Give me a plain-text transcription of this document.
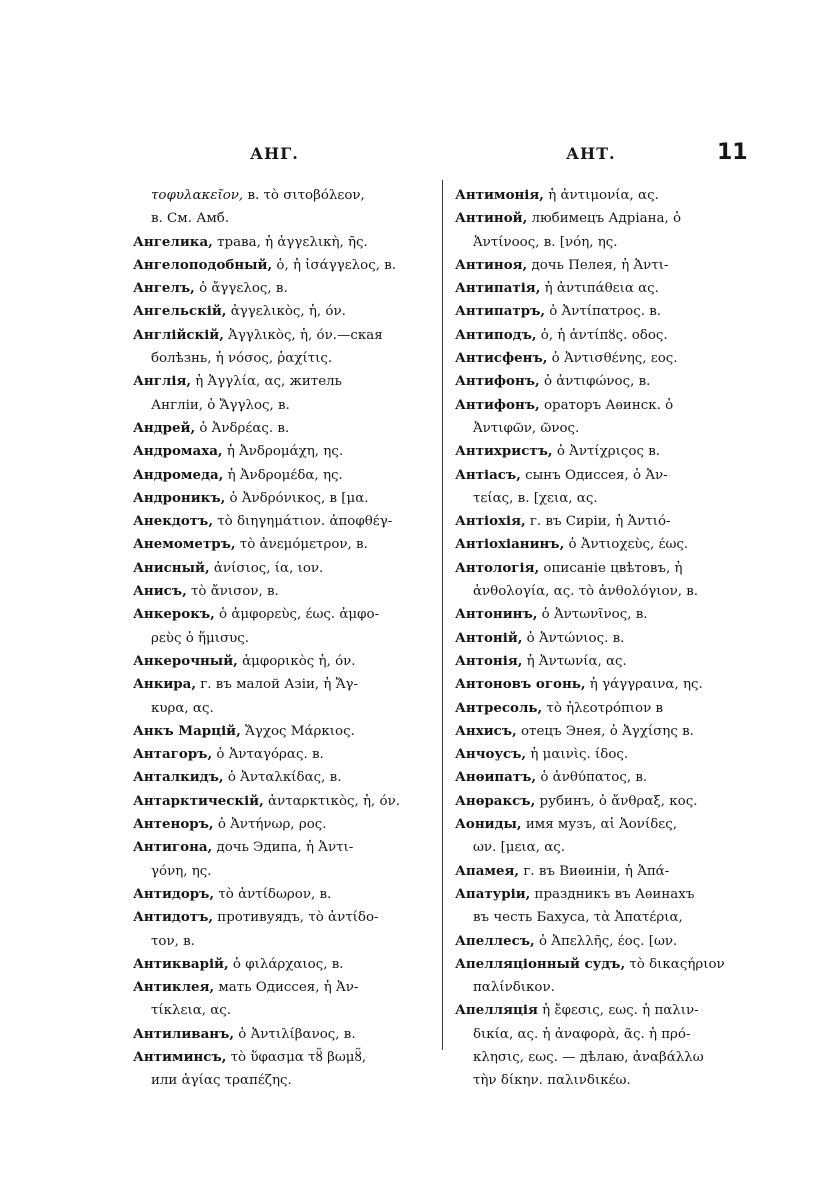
АНГ.	АНТ.	11
τοφυλακεῖον, в. τὸ σιτοβόλεον,
в. См. Амб.
Ангелика, трава, ἡ ἀγγελικὴ, ῆς.
Ангелоподобный, ὁ, ἡ ἰσάγγελος, в.
Ангелъ, ὁ ἄγγελος, в.
Ангельскій, ἀγγελικὸς, ἡ, όν.
Англійскій, Ἀγγλικὸς, ἡ, όν.—ская
болѣзнь, ἡ νόσος, ῥαχίτις.
Англія, ἡ Ἀγγλία, ας, житель
Англіи, ὁ Ἄγγλος, в.
Андрей, ὁ Ἀνδρέας. в.
Андромаха, ἡ Ἀνδρομάχη, ης.
Андромеда, ἡ Ἀνδρομέδα, ης.
Андроникъ, ὁ Ἀνδρόνικος, в [μα.
Анекдотъ, τὸ διηγημάτιον. ἀποφθέγ-
Анемометръ, τὸ ἀνεμόμετρον, в.
Анисный, ἀνίσιος, ία, ιον.
Анисъ, τὸ ἄνισον, в.
Анкерокъ, ὁ ἀμφορεὺς, έως. ἀμφο-
ρεὺς ὁ ἥμισυς.
Анкерочный, ἀμφορικὸς ἡ, όν.
Анкира, г. въ малой Азіи, ἡ Ἄγ-
κυρα, ας.
Анкъ Марцій, Ἄγχος Μάρκιος.
Антагоръ, ὁ Ἀνταγόρας. в.
Анталкидъ, ὁ Ἀνταλκίδας, в.
Антарктическій, ἀνταρκτικὸς, ἡ, όν.
Антеноръ, ὁ Ἀντήνωρ, ρος.
Антигона, дочь Эдипа, ἡ Ἀντι-
γόνη, ης.
Антидоръ, τὸ ἀντίδωρον, в.
Антидотъ, противуядъ, τὸ ἀντίδο-
τον, в.
Антикварій, ὁ φιλάρχαιος, в.
Антиклея, мать Одиссея, ἡ Ἀν-
τίκλεια, ας.
Антиливанъ, ὁ Ἀντιλίβανος, в.
Антиминсъ, τὸ ὕφασμα τȣ̃ βωμȣ̃,
или ἁγίας τραπέζης.
Антимонія, ἡ ἀντιμονία, ας.
Антиной, любимецъ Адріана, ὁ
Ἀντίνοος, в. [νόη, ης.
Антиноя, дочь Пелея, ἡ Ἀντι-
Антипатія, ἡ ἀντιπάθεια ας.
Антипатръ, ὁ Ἀντίπατρος. в.
Антиподъ, ὁ, ἡ ἀντίπȣς. οδος.
Антисфенъ, ὁ Ἀντισθένης, εος.
Антифонъ, ὁ ἀντιφώνος, в.
Антифонъ, ораторъ Аѳинск. ὁ
Ἀντιφῶν, ῶνος.
Антихристъ, ὁ Ἀντίχριςος в.
Антіасъ, сынъ Одиссея, ὁ Ἀν-
τείας, в. [χεια, ας.
Антіохія, г. въ Сиріи, ἡ Ἀντιό-
Антіохіанинъ, ὁ Ἀντιοχεὺς, έως.
Антологія, описаніе цвѣтовъ, ἡ
ἀνθολογία, ας. τὸ ἀνθολόγιον, в.
Антонинъ, ὁ Ἀντωνῖνος, в.
Антоній, ὁ Ἀντώνιος. в.
Антонія, ἡ Ἀντωνία, ας.
Антоновъ огонь, ἡ γάγγραινα, ης.
Антресоль, τὸ ἡλεοτρόπιον в
Анхисъ, отецъ Энея, ὁ Ἀγχίσης в.
Анчоусъ, ἡ μαινὶς. ίδος.
Анѳипатъ, ὁ ἀνθύπατος, в.
Анѳраксъ, рубинъ, ὁ ἄνθραξ, κος.
Аониды, имя музъ, αἱ Ἀονίδες,
ων. [μεια, ας.
Апамея, г. въ Виѳиніи, ἡ Ἀπά-
Апатуріи, праздникъ въ Аѳинахъ
въ честь Бахуса, τὰ Ἀπατέρια,
Апеллесъ, ὁ Ἀπελλῆς, έος. [ων.
Апелляціонный судъ, τὸ δικαςήριον
παλίνδικον.
Апелляція ἡ ἔφεσις, εως. ἡ παλιν-
δικία, ας. ἡ ἀναφορὰ, ᾶς. ἡ πρό-
κλησις, εως. — дѣлаю, ἀναβάλλω
τὴν δίκην. παλινδικέω.
